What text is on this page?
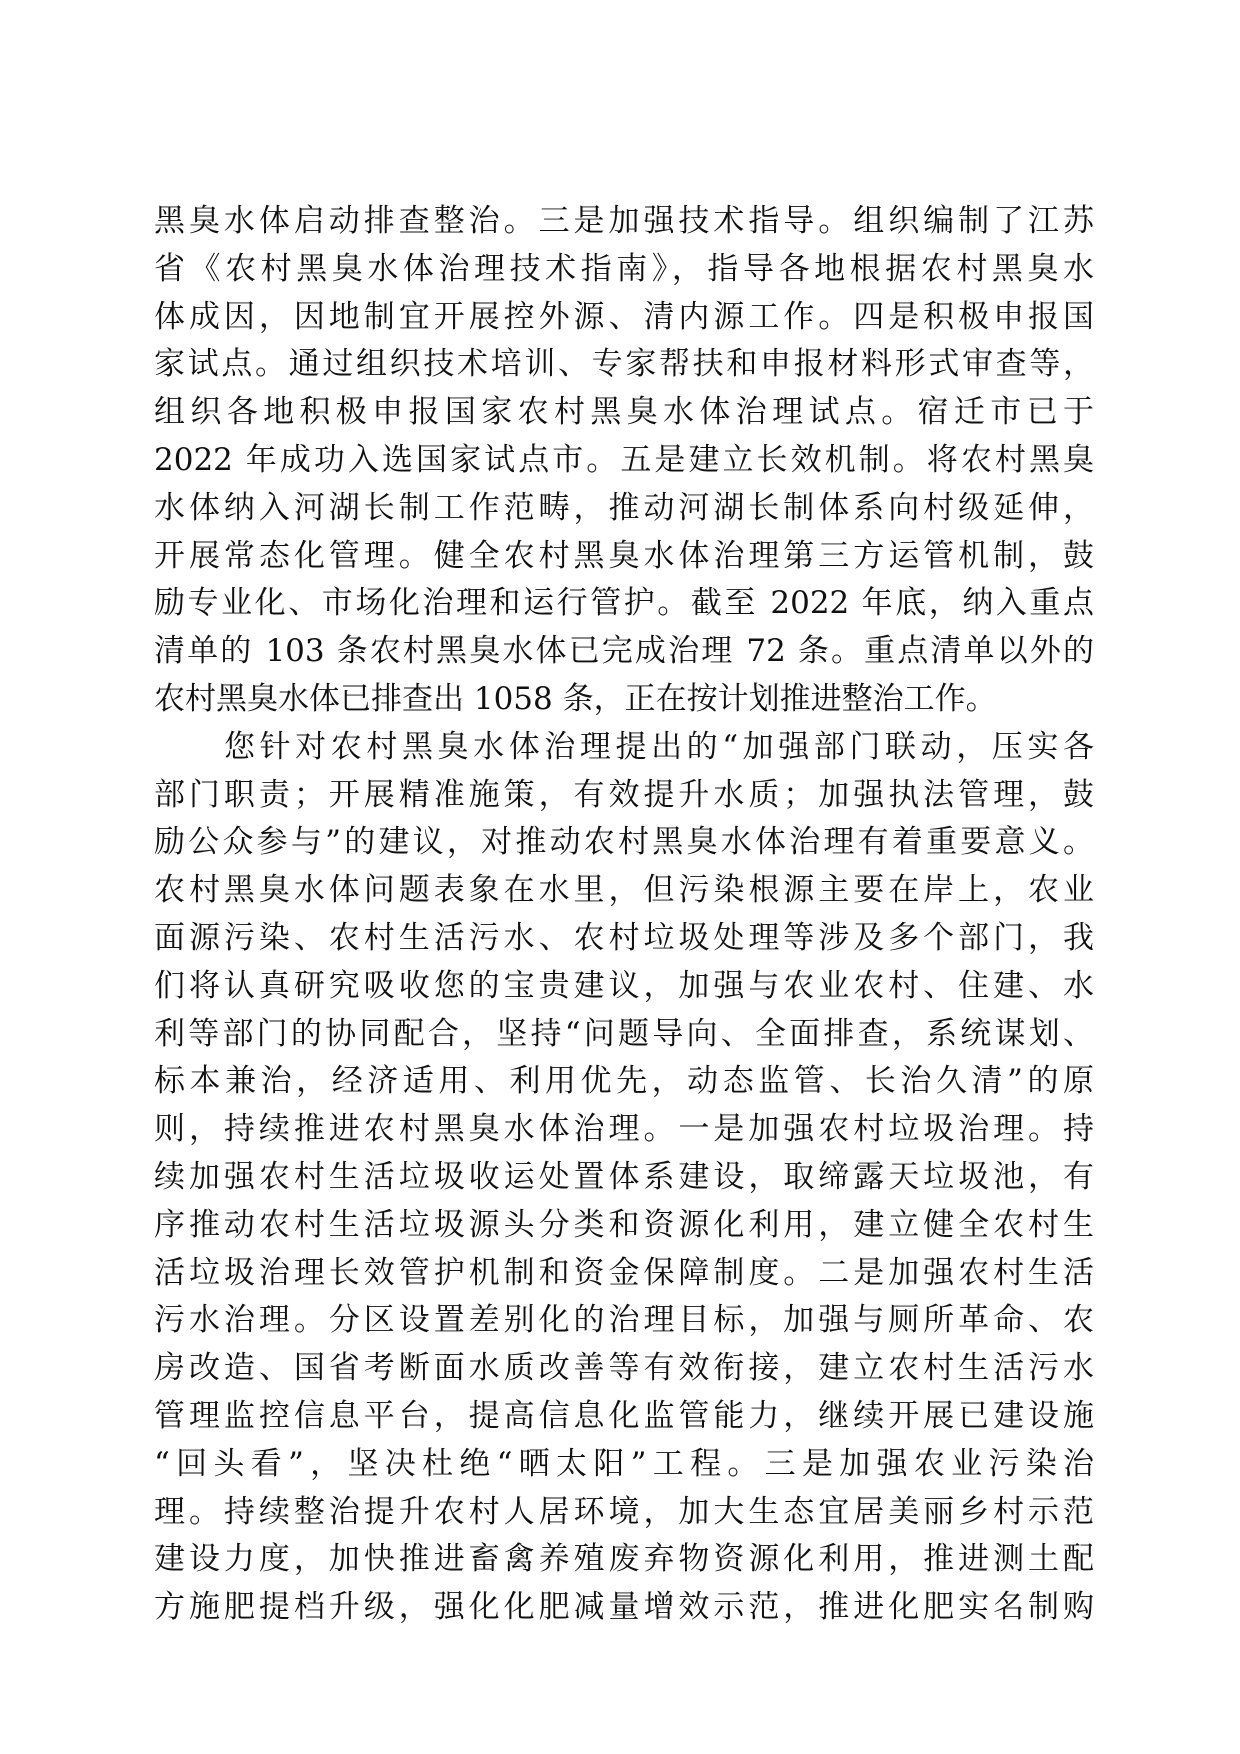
黑臭水体启动排查整治。三是加强技术指导。组织编制了江苏
省《农村黑臭水体治理技术指南》，指导各地根据农村黑臭水
体成因，因地制宜开展控外源、清内源工作。四是积极申报国
家试点。通过组织技术培训、专家帮扶和申报材料形式审查等，
组织各地积极申报国家农村黑臭水体治理试点。宿迁市已于
2022 年成功入选国家试点市。五是建立长效机制。将农村黑臭
水体纳入河湖长制工作范畴，推动河湖长制体系向村级延伸，
开展常态化管理。健全农村黑臭水体治理第三方运管机制，鼓
励专业化、市场化治理和运行管护。截至 2022 年底，纳入重点
清单的 103 条农村黑臭水体已完成治理 72 条。重点清单以外的
农村黑臭水体已排查出 1058 条，正在按计划推进整治工作。
您针对农村黑臭水体治理提出的“加强部门联动，压实各
部门职责；开展精准施策，有效提升水质；加强执法管理，鼓
励公众参与”的建议，对推动农村黑臭水体治理有着重要意义。
农村黑臭水体问题表象在水里，但污染根源主要在岸上，农业
面源污染、农村生活污水、农村垃圾处理等涉及多个部门，我
们将认真研究吸收您的宝贵建议，加强与农业农村、住建、水
利等部门的协同配合，坚持“问题导向、全面排查，系统谋划、
标本兼治，经济适用、利用优先，动态监管、长治久清”的原
则，持续推进农村黑臭水体治理。一是加强农村垃圾治理。持
续加强农村生活垃圾收运处置体系建设，取缔露天垃圾池，有
序推动农村生活垃圾源头分类和资源化利用，建立健全农村生
活垃圾治理长效管护机制和资金保障制度。二是加强农村生活
污水治理。分区设置差别化的治理目标，加强与厕所革命、农
房改造、国省考断面水质改善等有效衔接，建立农村生活污水
管理监控信息平台，提高信息化监管能力，继续开展已建设施
“回头看”，坚决杜绝“晒太阳”工程。三是加强农业污染治
理。持续整治提升农村人居环境，加大生态宜居美丽乡村示范
建设力度，加快推进畜禽养殖废弃物资源化利用，推进测土配
方施肥提档升级，强化化肥减量增效示范，推进化肥实名制购
